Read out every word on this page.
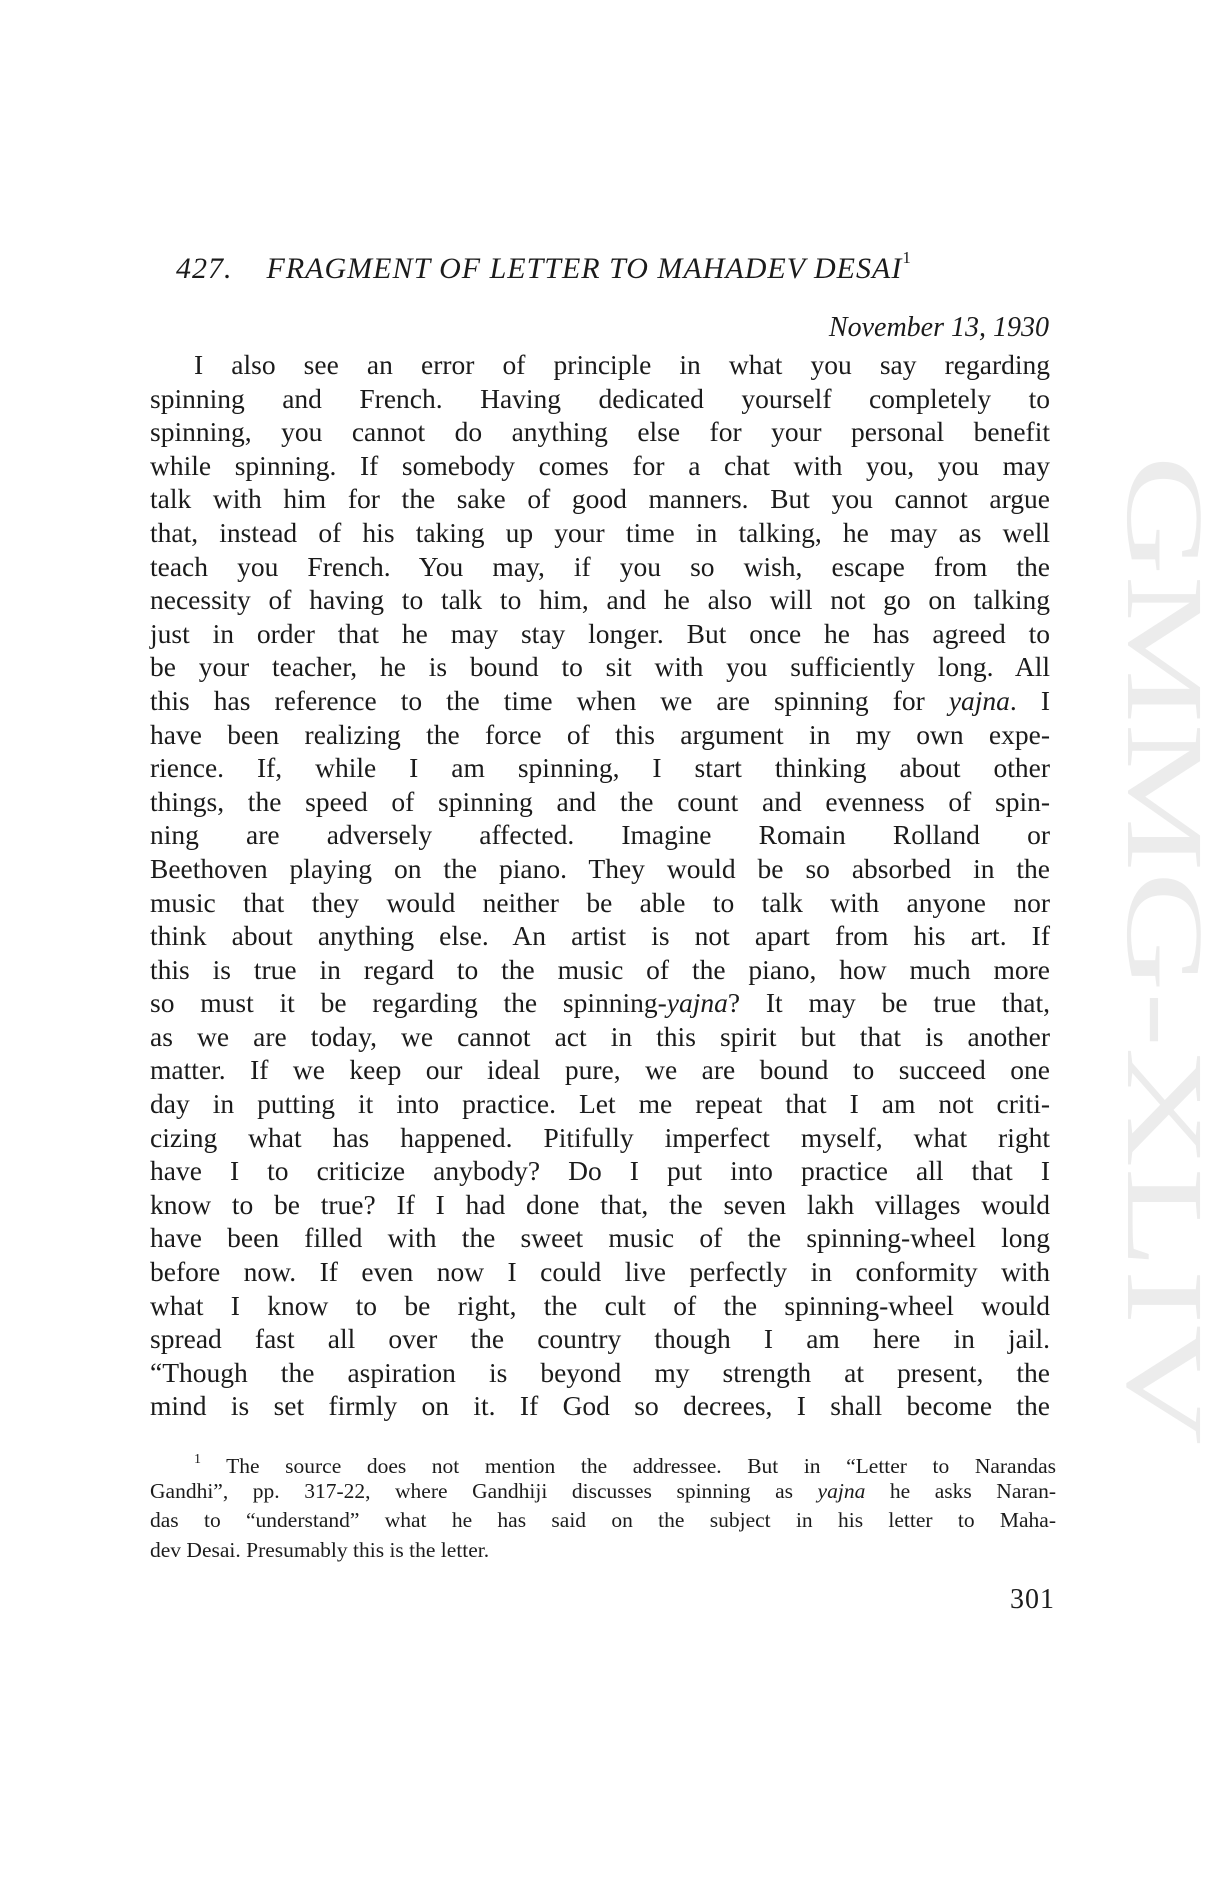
GMMG-XLIV
427. FRAGMENT OF LETTER TO MAHADEV DESAI$^1$
November 13, 1930
I also see an error of principle in what you say regarding
spinning and French. Having dedicated yourself completely to
spinning, you cannot do anything else for your personal benefit
while spinning. If somebody comes for a chat with you, you may
talk with him for the sake of good manners. But you cannot argue
that, instead of his taking up your time in talking, he may as well
teach you French. You may, if you so wish, escape from the
necessity of having to talk to him, and he also will not go on talking
just in order that he may stay longer. But once he has agreed to
be your teacher, he is bound to sit with you sufficiently long. All
this has reference to the time when we are spinning for yajna. I
have been realizing the force of this argument in my own expe-
rience. If, while I am spinning, I start thinking about other
things, the speed of spinning and the count and evenness of spin-
ning are adversely affected. Imagine Romain Rolland or
Beethoven playing on the piano. They would be so absorbed in the
music that they would neither be able to talk with anyone nor
think about anything else. An artist is not apart from his art. If
this is true in regard to the music of the piano, how much more
so must it be regarding the spinning-yajna? It may be true that,
as we are today, we cannot act in this spirit but that is another
matter. If we keep our ideal pure, we are bound to succeed one
day in putting it into practice. Let me repeat that I am not criti-
cizing what has happened. Pitifully imperfect myself, what right
have I to criticize anybody? Do I put into practice all that I
know to be true? If I had done that, the seven lakh villages would
have been filled with the sweet music of the spinning-wheel long
before now. If even now I could live perfectly in conformity with
what I know to be right, the cult of the spinning-wheel would
spread fast all over the country though I am here in jail.
“Though the aspiration is beyond my strength at present, the
mind is set firmly on it. If God so decrees, I shall become the
$^1$ The source does not mention the addressee. But in “Letter to Narandas
Gandhi”, pp. 317-22, where Gandhiji discusses spinning as yajna he asks Naran-
das to “understand” what he has said on the subject in his letter to Maha-
dev Desai. Presumably this is the letter.
301
